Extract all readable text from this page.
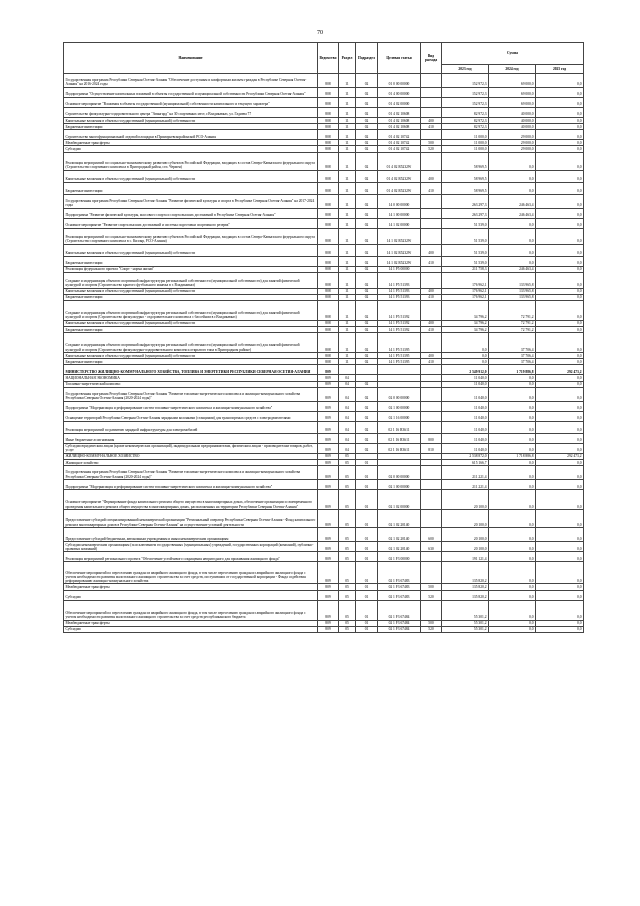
70
Наименование	Ведомство	Раздел	Подраздел	Целевая статья	Вид расхода	Сумма		
						2023 год	2024 год	2025 год
Государственная программа Республики Северная Осетия-Алания "Обеспечение доступным и комфортным жильем граждан в Республике Северная Осетия-Алания" на 2016-2024 годы	808	11	02	01 0 00 00000		152 972,3	69 000,0	0,0
Подпрограмма "Осуществление капитальных вложений в объекты государственной и муниципальной собственности Республики Северная Осетия-Алания"	808	11	02	01 4 00 00000		152 972,3	69 000,0	0,0
Основное мероприятие "Вложения в объекты государственной (муниципальной) собственности капитального и текущего характера"	808	11	02	01 4 02 00000		152 972,3	69 000,0	0,0
Строительство физкультурно-оздоровительного центра "Авангард" на 30 спортивных мест, г.Владикавказ, ул. Гадиева 77	808	11	02	01 4 02 10608		82 972,3	40 000,0	0,0
Капитальные вложения в объекты государственной (муниципальной) собственности	808	11	02	01 4 02 10608	400	82 972,3	40 000,0	0,0
Бюджетные инвестиции	808	11	02	01 4 02 10608	410	82 972,3	40 000,0	0,0
Строительство многофункциональной ледовой площадки в Приморьевскорайонской РСО-Алания	808	11	02	01 4 02 10742		11 000,0	29 000,0	0,0
Межбюджетные трансферты	808	11	02	01 4 02 10742	500	11 000,0	29 000,0	0,0
Субсидии	808	11	02	01 4 02 10742	520	11 000,0	29 000,0	0,0
Реализация мероприятий по социально-экономическому развитию субъектов Российской Федерации, входящих в состав Северо-Кавказского федерального округа (Строительство спортивного комплекса в Пригородный район, сел. Чермен)	808	11	02	01 4 02 R5232W		58 969,5	0,0	0,0
Капитальные вложения в объекты государственной (муниципальной) собственности	808	11	02	01 4 02 R5232W	400	58 969,5	0,0	0,0
Бюджетные инвестиции	808	11	02	01 4 02 R5232W	410	58 969,5	0,0	0,0
Государственная программа Республики Северная Осетия-Алания "Развитие физической культуры и спорта в Республике Северная Осетия-Алания" на 2017-2024 годы	808	11	02	14 0 00 00000		263 297,3	246 463,4	0,0
Подпрограмма "Развитие физической культуры, массового спорта и спорта высших достижений в Республике Северная Осетия-Алания"	808	11	02	14 1 00 00000		263 297,3	246 463,4	0,0
Основное мероприятие "Развитие спорта высших достижений и системы подготовки спортивного резерва"	808	11	02	14 1 02 00000		51 539,0	0,0	0,0
Реализация мероприятий по социально-экономическому развитию субъектов Российской Федерации, входящих в состав Северо-Кавказского федерального округа (Строительство спортивного комплекса в с. Кизляр, РСО-Алания)	808	11	02	14 1 02 R5232W		51 539,0	0,0	0,0
Капитальные вложения в объекты государственной (муниципальной) собственности	808	11	02	14 1 02 R5232W	400	51 539,0	0,0	0,0
Бюджетные инвестиции	808	11	02	14 1 02 R5232W	410	51 539,0	0,0	0,0
Реализация федерального проекта "Спорт - норма жизни"	808	11	02	14 1 P5 00000		211 758,3	246 463,4	0,0
Создание и модернизация объектов спортивной инфраструктуры региональной собственности (муниципальной собственности) для занятий физической культурой и спортом (Строительство крытого футбольного манежа в г. Владикавказ)	808	11	02	14 1 P5 51393		176 962,1	133 965,8	0,0
Капитальные вложения в объекты государственной (муниципальной) собственности	808	11	02	14 1 P5 51393	400	176 962,1	133 965,8	0,0
Бюджетные инвестиции	808	11	02	14 1 P5 51393	410	176 962,1	133 965,8	0,0
Создание и модернизация объектов спортивной инфраструктуры региональной собственности (муниципальной собственности) для занятий физической культурой и спортом (Строительство физкультурно - оздоровительного комплекса с бассейном в г.Владикавказ)	808	11	02	14 1 P5 51392		34 796,2	72 791,2	0,0
Капитальные вложения в объекты государственной (муниципальной) собственности	808	11	02	14 1 P5 51392	400	34 796,2	72 791,2	0,0
Бюджетные инвестиции	808	11	02	14 1 P5 51392	410	34 796,2	72 791,2	0,0
Создание и модернизация объектов спортивной инфраструктуры региональной собственности (муниципальной собственности) для занятий физической культурой и спортом (Строительство физкультурно-оздоровительного комплекса открытого типа в Пригородном районе)	808	11	02	14 1 P5 51395		0,0	37 706,4	0,0
Капитальные вложения в объекты государственной (муниципальной) собственности	808	11	02	14 1 P5 51395	400	0,0	37 706,4	0,0
Бюджетные инвестиции	808	11	02	14 1 P5 51395	410	0,0	37 706,4	0,0
МИНИСТЕРСТВО ЖИЛИЩНО-КОММУНАЛЬНОГО ХОЗЯЙСТВА, ТОПЛИВА И ЭНЕРГЕТИКИ РЕСПУБЛИКИ СЕВЕРНАЯ ОСЕТИЯ-АЛАНИЯ	809					2 549 912,0	1 719 886,8	292 473,2
НАЦИОНАЛЬНАЯ ЭКОНОМИКА	809	04				11 040,0	0,0	0,0
Топливно-энергетический комплекс	809	04	02			11 040,0	0,0	0,0
Государственная программа Республики Северная Осетия-Алания "Развитие топливно-энергетического комплекса и жилищно-коммунального хозяйства Республики Северная Осетия-Алания (2020-2024 годы)"	809	04	02	02 0 00 00000		11 040,0	0,0	0,0
Подпрограмма "Модернизация и реформирование систем топливно-энергетического комплекса и жилищно-коммунального хозяйства"	809	04	02	02 1 00 00000		11 040,0	0,0	0,0
Оснащение территорий Республики Северная Осетия-Алания зарядными колонками (станциями) для транспортных средств с электродвигателями	809	04	02	02 1 16 00000		11 040,0	0,0	0,0
Реализация мероприятий по развитию зарядной инфраструктуры для электромобилей	809	04	02	02 1 16 R3611		11 040,0	0,0	0,0
Иные бюджетные ассигнования	809	04	02	02 1 16 R3611	800	11 040,0	0,0	0,0
Субсидии юридическим лицам (кроме некоммерческих организаций), индивидуальным предпринимателям, физическим лицам - производителям товаров, работ, услуг	809	04	02	02 1 16 R3611	810	11 040,0	0,0	0,0
ЖИЛИЩНО-КОММУНАЛЬНОЕ ХОЗЯЙСТВО	809	05				2 538 872,0	1 718 886,8	292 473,2
Жилищное хозяйство	809	05	01			615 166,7	0,0	0,0
Государственная программа Республики Северная Осетия-Алания "Развитие топливно-энергетического комплекса и жилищно-коммунального хозяйства Республики Северная Осетия-Алания (2020-2024 годы)"	809	05	01	02 0 00 00000		211 221,4	0,0	0,0
Подпрограмма "Модернизация и реформирование систем топливно-энергетического комплекса и жилищно-коммунального хозяйства"	809	05	01	02 1 00 00000		211 221,4	0,0	0,0
Основное мероприятие "Формирование фонда капитального ремонта общего имущества в многоквартирных домах, обеспечение организации и своевременного проведения капитального ремонта общего имущества в многоквартирных домах, расположенных на территории Республики Северная Осетия-Алания"	809	05	01	02 1 02 00000		20 100,0	0,0	0,0
Предоставление субсидий специализированной некоммерческой организации "Региональный оператор Республики Северная Осетия-Алания - Фонд капитального ремонта многоквартирных домов в Республике Северная Осетия-Алания" на осуществление уставной деятельности	809	05	01	02 1 02 20140		20 100,0	0,0	0,0
Предоставление субсидий бюджетным, автономным учреждениям и иным некоммерческим организациям	809	05	01	02 1 02 20140	600	20 100,0	0,0	0,0
Субсидии некоммерческим организациям (за исключением государственных (муниципальных) учреждений, государственных корпораций (компаний), публично-правовых компаний)	809	05	01	02 1 02 20140	630	20 100,0	0,0	0,0
Реализация мероприятий регионального проекта "Обеспечение устойчивого сокращения непригодного для проживания жилищного фонда"	809	05	01	02 1 F3 00000		191 121,4	0,0	0,0
Обеспечение мероприятий по переселению граждан из аварийного жилищного фонда, в том числе переселению граждан из аварийного жилищного фонда с учетом необходимости развития малоэтажного жилищного строительства за счет средств, поступивших от государственной корпорации - Фонда содействия реформированию жилищно-коммунального хозяйства	809	05	01	02 1 F3 67483		135 820,2	0,0	0,0
Межбюджетные трансферты	809	05	01	02 1 F3 67483	500	135 820,2	0,0	0,0
Субсидии	809	05	01	02 1 F3 67483	520	135 820,2	0,0	0,0
Обеспечение мероприятий по переселению граждан из аварийного жилищного фонда, в том числе переселению граждан из аварийного жилищного фонда с учетом необходимости развития малоэтажного жилищного строительства за счет средств республиканского бюджета	809	05	01	02 1 F3 67484		55 301,2	0,0	0,0
Межбюджетные трансферты	809	05	01	02 1 F3 67484	500	55 301,2	0,0	0,0
Субсидии	809	05	01	02 1 F3 67484	520	55 301,2	0,0	0,0
